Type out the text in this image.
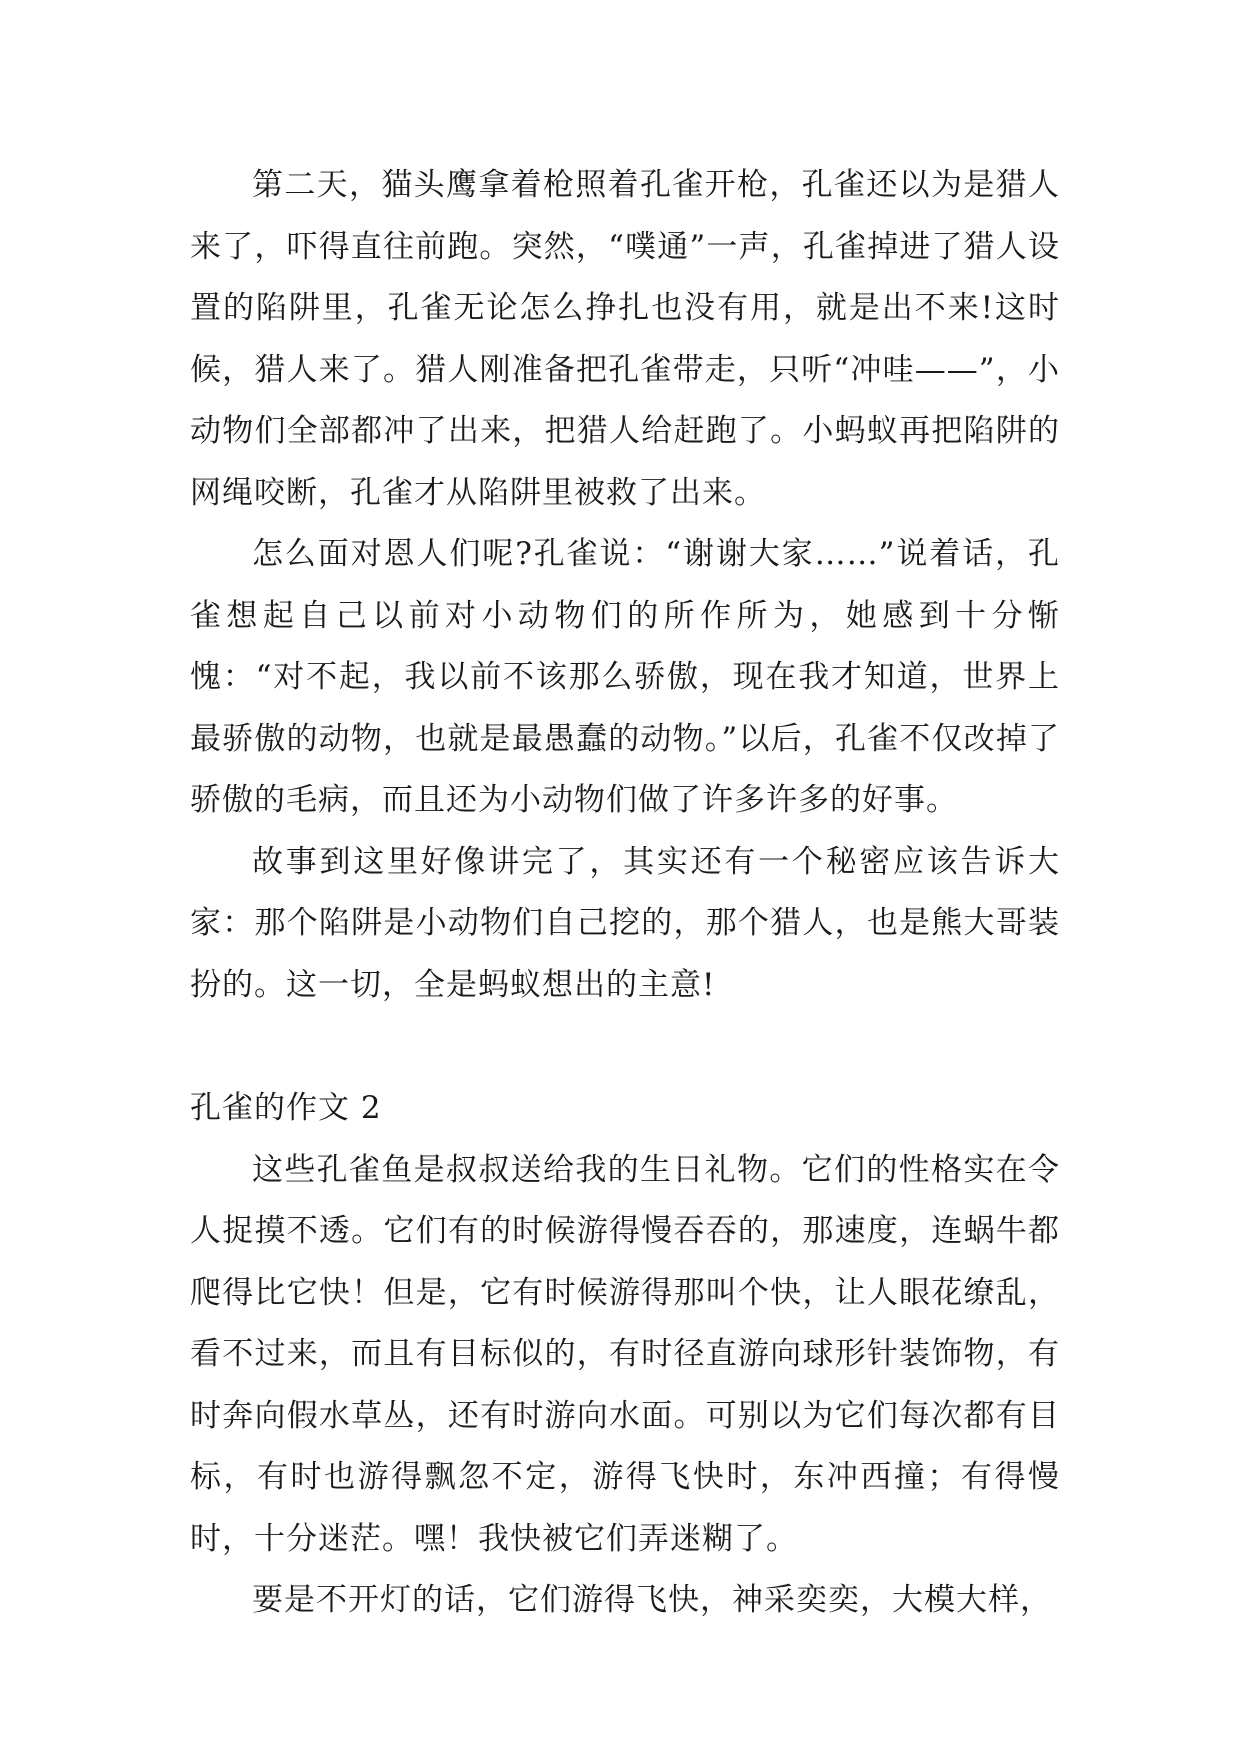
第二天，猫头鹰拿着枪照着孔雀开枪，孔雀还以为是猎人来了，吓得直往前跑。突然，“噗通”一声，孔雀掉进了猎人设置的陷阱里，孔雀无论怎么挣扎也没有用，就是出不来!这时候，猎人来了。猎人刚准备把孔雀带走，只听“冲哇——”，小动物们全部都冲了出来，把猎人给赶跑了。小蚂蚁再把陷阱的网绳咬断，孔雀才从陷阱里被救了出来。

怎么面对恩人们呢?孔雀说：“谢谢大家……”说着话，孔雀想起自己以前对小动物们的所作所为，她感到十分惭愧：“对不起，我以前不该那么骄傲，现在我才知道，世界上最骄傲的动物，也就是最愚蠢的动物。”以后，孔雀不仅改掉了骄傲的毛病，而且还为小动物们做了许多许多的好事。

故事到这里好像讲完了，其实还有一个秘密应该告诉大家：那个陷阱是小动物们自己挖的，那个猎人，也是熊大哥装扮的。这一切，全是蚂蚁想出的主意!

孔雀的作文 2

这些孔雀鱼是叔叔送给我的生日礼物。它们的性格实在令人捉摸不透。它们有的时候游得慢吞吞的，那速度，连蜗牛都爬得比它快！但是，它有时候游得那叫个快，让人眼花缭乱，看不过来，而且有目标似的，有时径直游向球形针装饰物，有时奔向假水草丛，还有时游向水面。可别以为它们每次都有目标，有时也游得飘忽不定，游得飞快时，东冲西撞；有得慢时，十分迷茫。嘿！我快被它们弄迷糊了。

要是不开灯的话，它们游得飞快，神采奕奕，大模大样，
